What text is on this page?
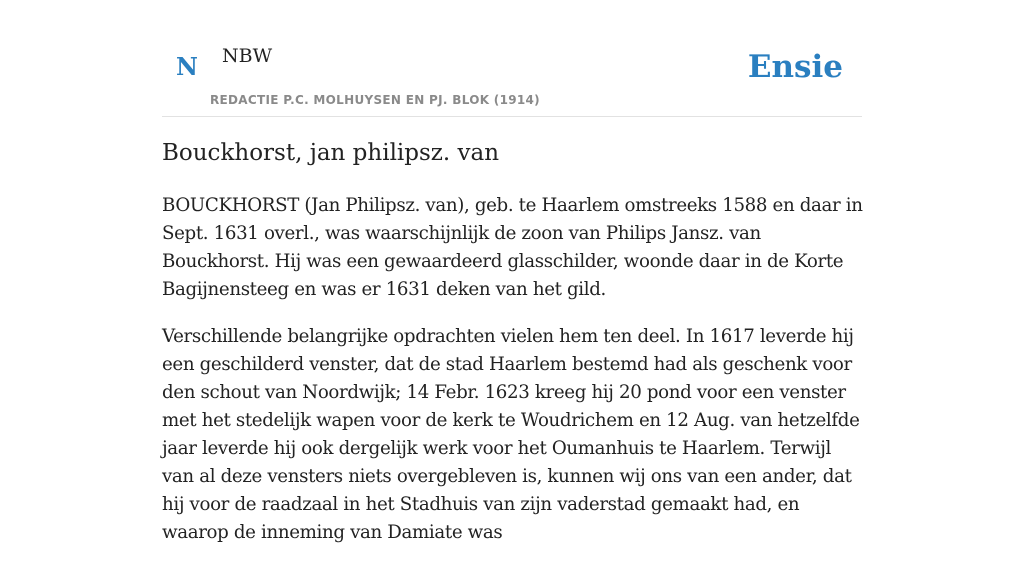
N NBW
REDACTIE P.C. MOLHUYSEN EN PJ. BLOK (1914)
Ensie
Bouckhorst, jan philipsz. van

BOUCKHORST (Jan Philipsz. van), geb. te Haarlem omstreeks 1588 en daar in Sept. 1631 overl., was waarschijnlijk de zoon van Philips Jansz. van Bouckhorst. Hij was een gewaardeerd glasschilder, woonde daar in de Korte Bagijnensteeg en was er 1631 deken van het gild.

Verschillende belangrijke opdrachten vielen hem ten deel. In 1617 leverde hij een geschilderd venster, dat de stad Haarlem bestemd had als geschenk voor den schout van Noordwijk; 14 Febr. 1623 kreeg hij 20 pond voor een venster met het stedelijk wapen voor de kerk te Woudrichem en 12 Aug. van hetzelfde jaar leverde hij ook dergelijk werk voor het Oumanhuis te Haarlem. Terwijl van al deze vensters niets overgebleven is, kunnen wij ons van een ander, dat hij voor de raadzaal in het Stadhuis van zijn vaderstad gemaakt had, en waarop de inneming van Damiate was
